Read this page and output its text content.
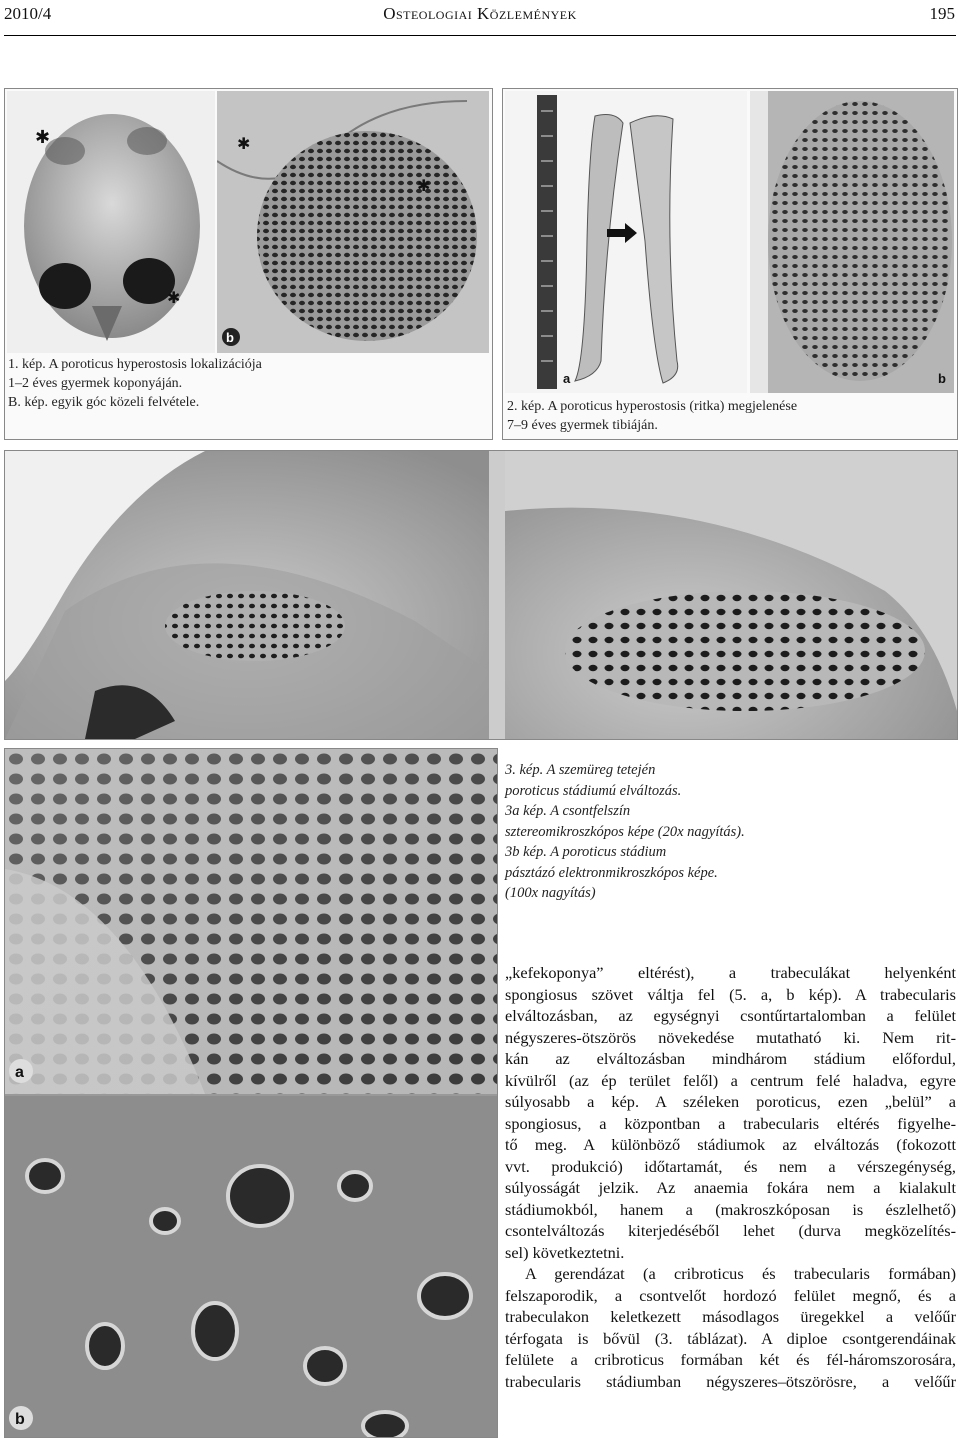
2010/4	Osteologiai Közlemények	195
✱
✱
✱
✱
b
1. kép. A poroticus hyperostosis lokalizációja
1–2 éves gyermek koponyáján.
B. kép. egyik góc közeli felvétele.
a	b
2. kép. A poroticus hyperostosis (ritka) megjelenése
7–9 éves gyermek tibiáján.
a
b
3. kép. A szemüreg tetején
poroticus stádiumú elváltozás.
3a kép. A csontfelszín
sztereomikroszkópos képe (20x nagyítás).
3b kép. A poroticus stádium
pásztázó elektronmikroszkópos képe.
(100x nagyítás)

„kefekoponya” eltérést), a trabeculákat helyenként

spongiosus szövet váltja fel (5. a, b kép). A trabecularis

elváltozásban, az egységnyi csontűrtartalomban a felület

négyszeres-ötszörös növekedése mutatható ki. Nem rit-

kán az elváltozásban mindhárom stádium előfordul,

kívülről (az ép terület felől) a centrum felé haladva, egyre

súlyosabb a kép. A széleken poroticus, ezen „belül” a

spongiosus, a központban a trabecularis eltérés figyelhe-

tő meg. A különböző stádiumok az elváltozás (fokozott

vvt. produkció) időtartamát, és nem a vérszegénység,

súlyosságát jelzik. Az anaemia fokára nem a kialakult

stádiumokból, hanem a (makroszkóposan is észlelhető)

csontelváltozás kiterjedéséből lehet (durva megközelítés-

sel) következtetni.

A gerendázat (a cribroticus és trabecularis formában)

felszaporodik, a csontvelőt hordozó felület megnő, és a

trabeculakon keletkezett másodlagos üregekkel a velőűr

térfogata is bővül (3. táblázat). A diploe csontgerendáinak

felülete a cribroticus formában két és fél-háromszorosára,

trabecularis stádiumban négyszeres–ötszörösre, a velőűr
